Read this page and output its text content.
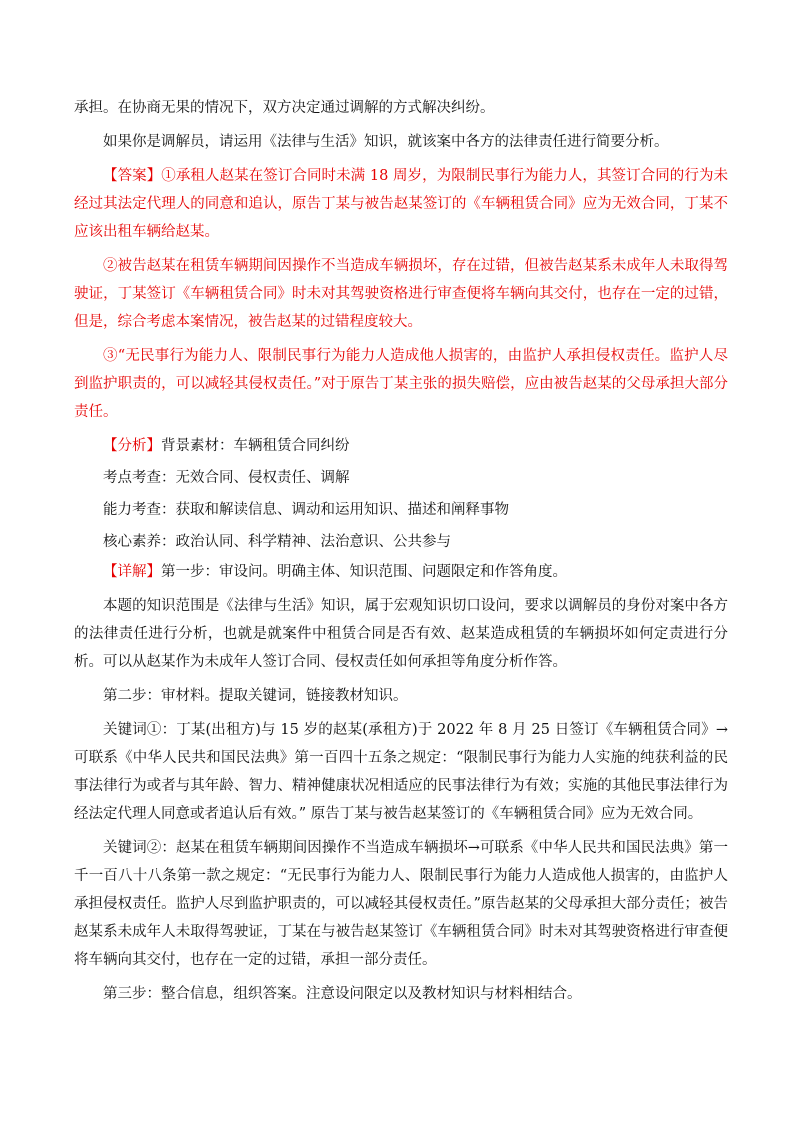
承担。在协商无果的情况下，双方决定通过调解的方式解决纠纷。

如果你是调解员，请运用《法律与生活》知识，就该案中各方的法律责任进行简要分析。

【答案】①承租人赵某在签订合同时未满 18 周岁，为限制民事行为能力人，其签订合同的行为未经过其法定代理人的同意和追认，原告丁某与被告赵某签订的《车辆租赁合同》应为无效合同，丁某不应该出租车辆给赵某。

②被告赵某在租赁车辆期间因操作不当造成车辆损坏，存在过错，但被告赵某系未成年人未取得驾驶证，丁某签订《车辆租赁合同》时未对其驾驶资格进行审查便将车辆向其交付，也存在一定的过错，但是，综合考虑本案情况，被告赵某的过错程度较大。

③“无民事行为能力人、限制民事行为能力人造成他人损害的，由监护人承担侵权责任。监护人尽到监护职责的，可以减轻其侵权责任。”对于原告丁某主张的损失赔偿，应由被告赵某的父母承担大部分责任。

【分析】背景素材：车辆租赁合同纠纷

考点考查：无效合同、侵权责任、调解

能力考查：获取和解读信息、调动和运用知识、描述和阐释事物

核心素养：政治认同、科学精神、法治意识、公共参与

【详解】第一步：审设问。明确主体、知识范围、问题限定和作答角度。

本题的知识范围是《法律与生活》知识，属于宏观知识切口设问，要求以调解员的身份对案中各方的法律责任进行分析，也就是就案件中租赁合同是否有效、赵某造成租赁的车辆损坏如何定责进行分析。可以从赵某作为未成年人签订合同、侵权责任如何承担等角度分析作答。

第二步：审材料。提取关键词，链接教材知识。

关键词①：丁某(出租方)与 15 岁的赵某(承租方)于 2022 年 8 月 25 日签订《车辆租赁合同》→可联系《中华人民共和国民法典》第一百四十五条之规定：“限制民事行为能力人实施的纯获利益的民事法律行为或者与其年龄、智力、精神健康状况相适应的民事法律行为有效；实施的其他民事法律行为经法定代理人同意或者追认后有效。” 原告丁某与被告赵某签订的《车辆租赁合同》应为无效合同。

关键词②：赵某在租赁车辆期间因操作不当造成车辆损坏→可联系《中华人民共和国民法典》第一千一百八十八条第一款之规定：“无民事行为能力人、限制民事行为能力人造成他人损害的，由监护人承担侵权责任。监护人尽到监护职责的，可以减轻其侵权责任。”原告赵某的父母承担大部分责任；被告赵某系未成年人未取得驾驶证，丁某在与被告赵某签订《车辆租赁合同》时未对其驾驶资格进行审查便将车辆向其交付，也存在一定的过错，承担一部分责任。

第三步：整合信息，组织答案。注意设问限定以及教材知识与材料相结合。
